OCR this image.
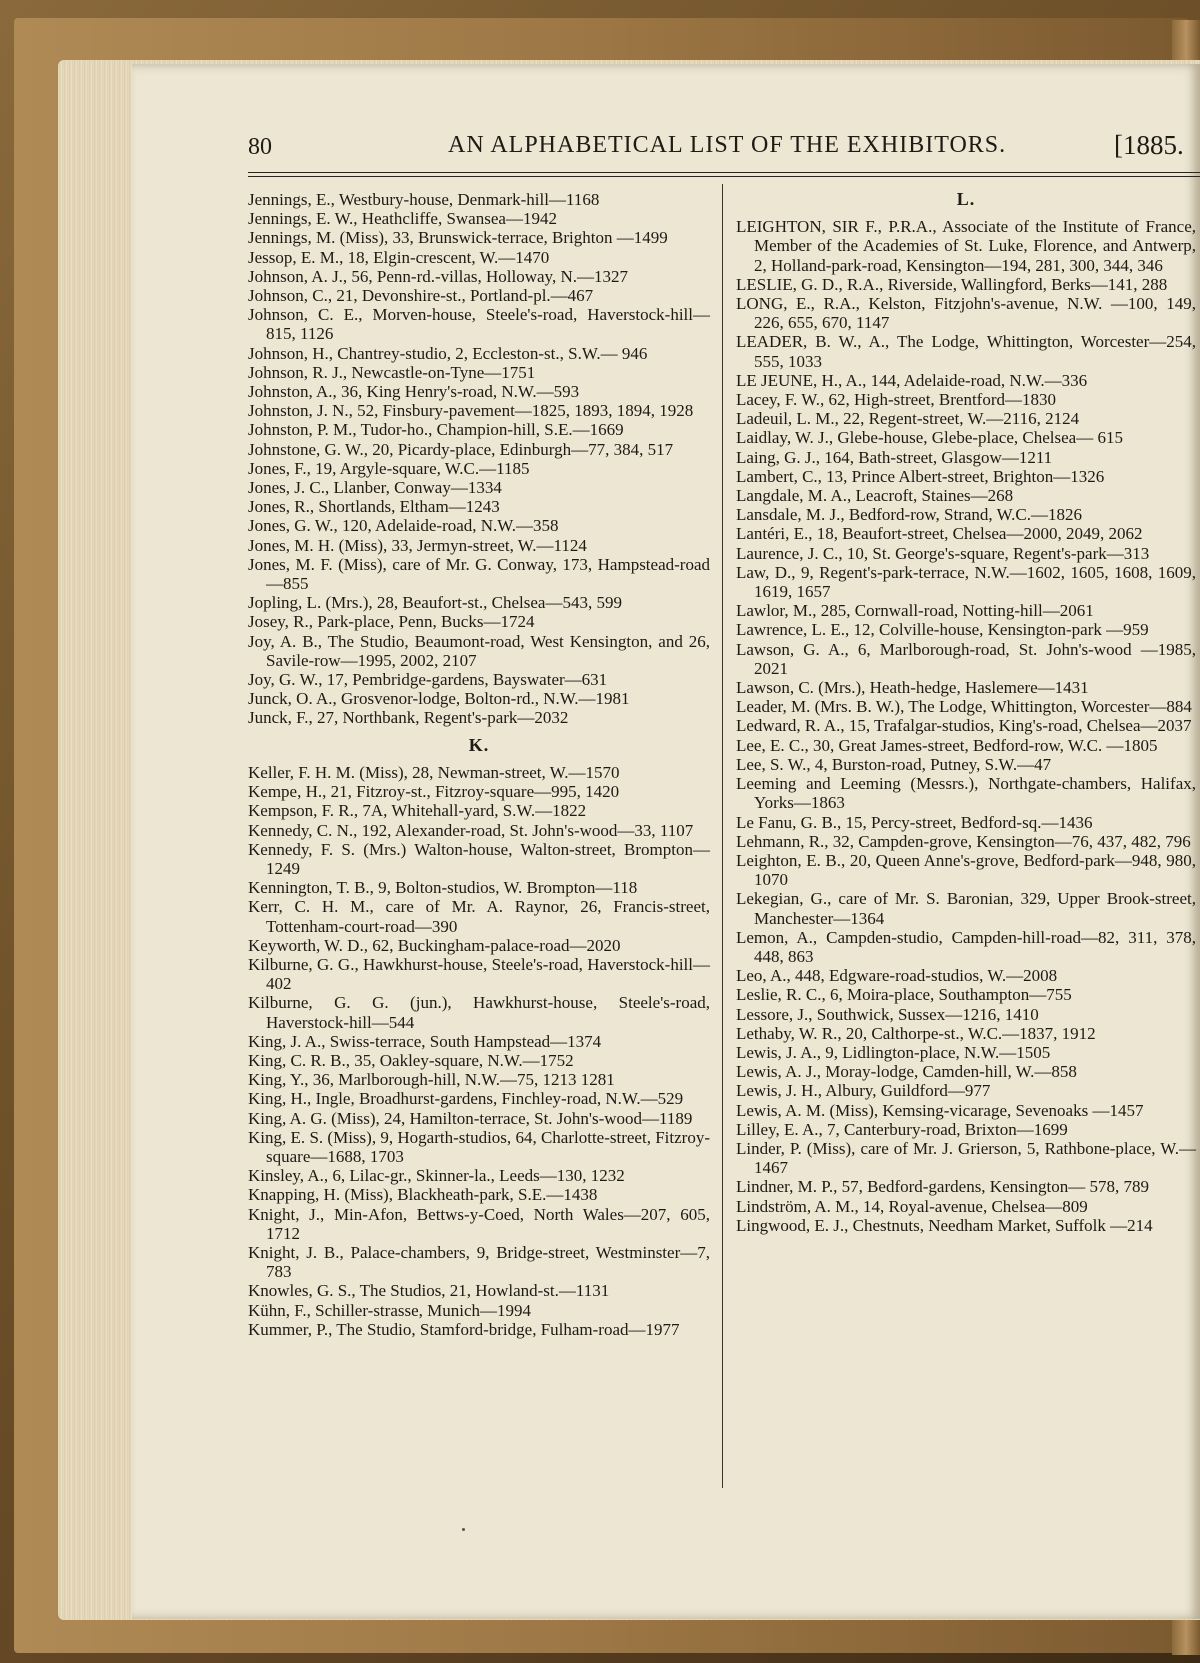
80	AN ALPHABETICAL LIST OF THE EXHIBITORS.	[1885.

Jennings, E., Westbury-house, Denmark-hill—1168

Jennings, E. W., Heathcliffe, Swansea—1942

Jennings, M. (Miss), 33, Brunswick-terrace, Brighton —1499

Jessop, E. M., 18, Elgin-crescent, W.—1470

Johnson, A. J., 56, Penn-rd.-villas, Holloway, N.—1327

Johnson, C., 21, Devonshire-st., Portland-pl.—467

Johnson, C. E., Morven-house, Steele's-road, Haverstock-hill—815, 1126

Johnson, H., Chantrey-studio, 2, Eccleston-st., S.W.— 946

Johnson, R. J., Newcastle-on-Tyne—1751

Johnston, A., 36, King Henry's-road, N.W.—593

Johnston, J. N., 52, Finsbury-pavement—1825, 1893, 1894, 1928

Johnston, P. M., Tudor-ho., Champion-hill, S.E.—1669

Johnstone, G. W., 20, Picardy-place, Edinburgh—77, 384, 517

Jones, F., 19, Argyle-square, W.C.—1185

Jones, J. C., Llanber, Conway—1334

Jones, R., Shortlands, Eltham—1243

Jones, G. W., 120, Adelaide-road, N.W.—358

Jones, M. H. (Miss), 33, Jermyn-street, W.—1124

Jones, M. F. (Miss), care of Mr. G. Conway, 173, Hampstead-road—855

Jopling, L. (Mrs.), 28, Beaufort-st., Chelsea—543, 599

Josey, R., Park-place, Penn, Bucks—1724

Joy, A. B., The Studio, Beaumont-road, West Kensington, and 26, Savile-row—1995, 2002, 2107

Joy, G. W., 17, Pembridge-gardens, Bayswater—631

Junck, O. A., Grosvenor-lodge, Bolton-rd., N.W.—1981

Junck, F., 27, Northbank, Regent's-park—2032

K.

Keller, F. H. M. (Miss), 28, Newman-street, W.—1570

Kempe, H., 21, Fitzroy-st., Fitzroy-square—995, 1420

Kempson, F. R., 7A, Whitehall-yard, S.W.—1822

Kennedy, C. N., 192, Alexander-road, St. John's-wood—33, 1107

Kennedy, F. S. (Mrs.) Walton-house, Walton-street, Brompton—1249

Kennington, T. B., 9, Bolton-studios, W. Brompton—118

Kerr, C. H. M., care of Mr. A. Raynor, 26, Francis-street, Tottenham-court-road—390

Keyworth, W. D., 62, Buckingham-palace-road—2020

Kilburne, G. G., Hawkhurst-house, Steele's-road, Haverstock-hill—402

Kilburne, G. G. (jun.), Hawkhurst-house, Steele's-road, Haverstock-hill—544

King, J. A., Swiss-terrace, South Hampstead—1374

King, C. R. B., 35, Oakley-square, N.W.—1752

King, Y., 36, Marlborough-hill, N.W.—75, 1213 1281

King, H., Ingle, Broadhurst-gardens, Finchley-road, N.W.—529

King, A. G. (Miss), 24, Hamilton-terrace, St. John's-wood—1189

King, E. S. (Miss), 9, Hogarth-studios, 64, Charlotte-street, Fitzroy-square—1688, 1703

Kinsley, A., 6, Lilac-gr., Skinner-la., Leeds—130, 1232

Knapping, H. (Miss), Blackheath-park, S.E.—1438

Knight, J., Min-Afon, Bettws-y-Coed, North Wales—207, 605, 1712

Knight, J. B., Palace-chambers, 9, Bridge-street, Westminster—7, 783

Knowles, G. S., The Studios, 21, Howland-st.—1131

Kühn, F., Schiller-strasse, Munich—1994

Kummer, P., The Studio, Stamford-bridge, Fulham-road—1977

L.

LEIGHTON, SIR F., P.R.A., Associate of the Institute of France, Member of the Academies of St. Luke, Florence, and Antwerp, 2, Holland-park-road, Kensington—194, 281, 300, 344, 346

LESLIE, G. D., R.A., Riverside, Wallingford, Berks—141, 288

LONG, E., R.A., Kelston, Fitzjohn's-avenue, N.W. —100, 149, 226, 655, 670, 1147

LEADER, B. W., A., The Lodge, Whittington, Worcester—254, 555, 1033

LE JEUNE, H., A., 144, Adelaide-road, N.W.—336

Lacey, F. W., 62, High-street, Brentford—1830

Ladeuil, L. M., 22, Regent-street, W.—2116, 2124

Laidlay, W. J., Glebe-house, Glebe-place, Chelsea— 615

Laing, G. J., 164, Bath-street, Glasgow—1211

Lambert, C., 13, Prince Albert-street, Brighton—1326

Langdale, M. A., Leacroft, Staines—268

Lansdale, M. J., Bedford-row, Strand, W.C.—1826

Lantéri, E., 18, Beaufort-street, Chelsea—2000, 2049, 2062

Laurence, J. C., 10, St. George's-square, Regent's-park—313

Law, D., 9, Regent's-park-terrace, N.W.—1602, 1605, 1608, 1609, 1619, 1657

Lawlor, M., 285, Cornwall-road, Notting-hill—2061

Lawrence, L. E., 12, Colville-house, Kensington-park —959

Lawson, G. A., 6, Marlborough-road, St. John's-wood —1985, 2021

Lawson, C. (Mrs.), Heath-hedge, Haslemere—1431

Leader, M. (Mrs. B. W.), The Lodge, Whittington, Worcester—884

Ledward, R. A., 15, Trafalgar-studios, King's-road, Chelsea—2037

Lee, E. C., 30, Great James-street, Bedford-row, W.C. —1805

Lee, S. W., 4, Burston-road, Putney, S.W.—47

Leeming and Leeming (Messrs.), Northgate-chambers, Halifax, Yorks—1863

Le Fanu, G. B., 15, Percy-street, Bedford-sq.—1436

Lehmann, R., 32, Campden-grove, Kensington—76, 437, 482, 796

Leighton, E. B., 20, Queen Anne's-grove, Bedford-park—948, 980, 1070

Lekegian, G., care of Mr. S. Baronian, 329, Upper Brook-street, Manchester—1364

Lemon, A., Campden-studio, Campden-hill-road—82, 311, 378, 448, 863

Leo, A., 448, Edgware-road-studios, W.—2008

Leslie, R. C., 6, Moira-place, Southampton—755

Lessore, J., Southwick, Sussex—1216, 1410

Lethaby, W. R., 20, Calthorpe-st., W.C.—1837, 1912

Lewis, J. A., 9, Lidlington-place, N.W.—1505

Lewis, A. J., Moray-lodge, Camden-hill, W.—858

Lewis, J. H., Albury, Guildford—977

Lewis, A. M. (Miss), Kemsing-vicarage, Sevenoaks —1457

Lilley, E. A., 7, Canterbury-road, Brixton—1699

Linder, P. (Miss), care of Mr. J. Grierson, 5, Rathbone-place, W.—1467

Lindner, M. P., 57, Bedford-gardens, Kensington— 578, 789

Lindström, A. M., 14, Royal-avenue, Chelsea—809

Lingwood, E. J., Chestnuts, Needham Market, Suffolk —214
